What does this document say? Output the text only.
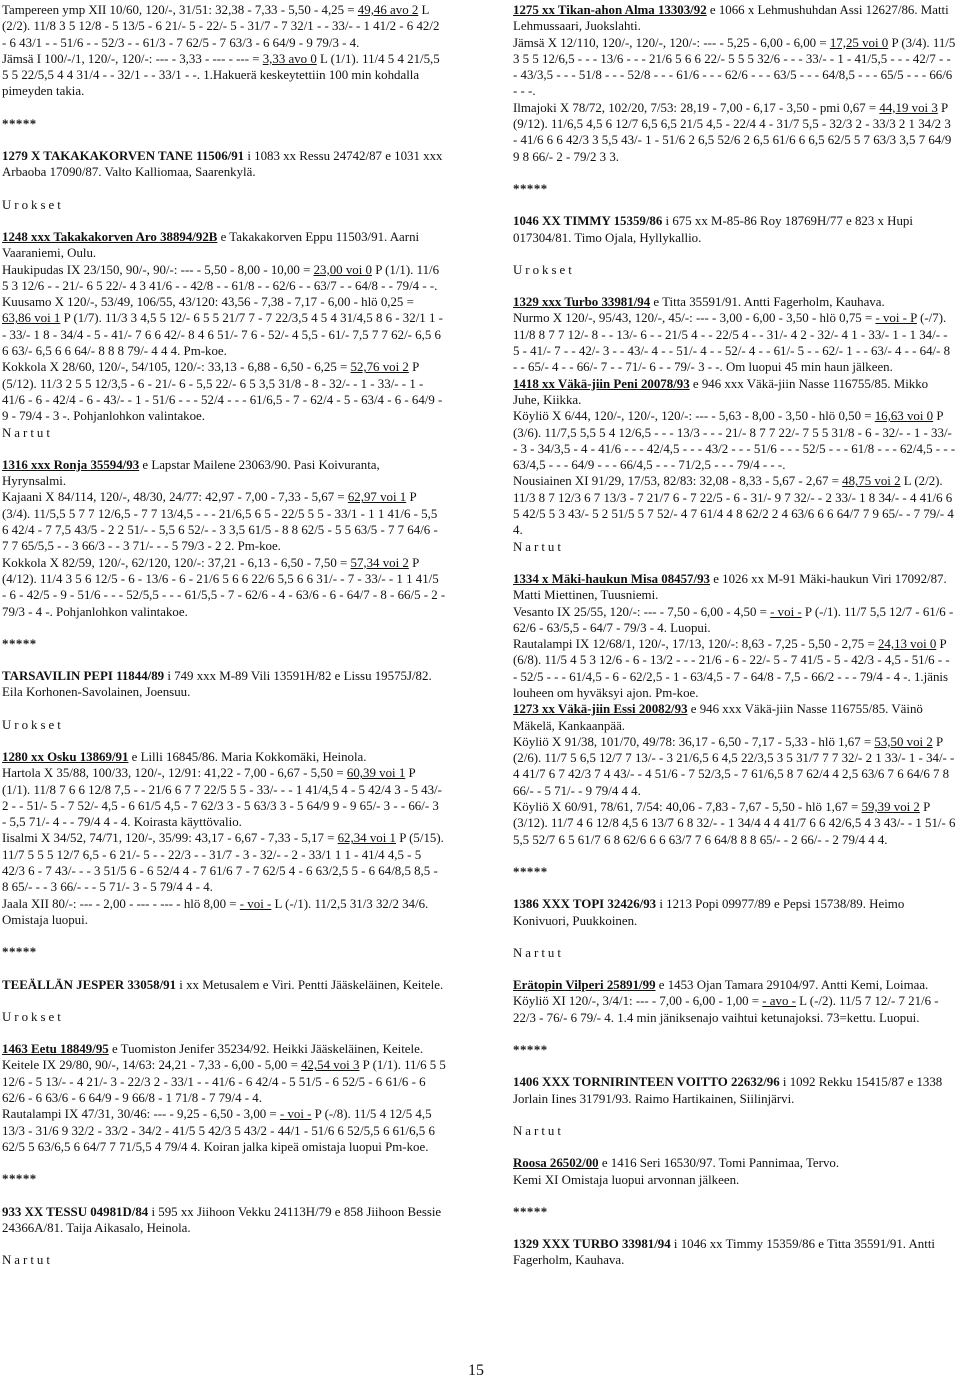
Tampereen ymp XII 10/60, 120/-, 31/51: 32,38 - 7,33 - 5,50 - 4,25 = 49,46 avo 2 L (2/2). 11/8 3 5 12/8 - 5 13/5 - 6 21/- 5 - 22/- 5 - 31/7 - 7 32/1 - - 33/- - 1 41/2 - 6 42/2 - 6 43/1 - - 51/6 - - 52/3 - - 61/3 - 7 62/5 - 7 63/3 - 6 64/9 - 9 79/3 - 4.

Jämsä I 100/-/1, 120/-, 120/-: --- - 3,33 - --- - --- = 3,33 avo 0 L (1/1). 11/4 5 4 21/5,5 5 5 22/5,5 4 4 31/4 - - 32/1 - - 33/1 - -. 1.Hakuerä keskeytettiin 100 min kohdalla pimeyden takia.

*****

1279 X TAKAKAKORVEN TANE 11506/91 i 1083 xx Ressu 24742/87 e 1031 xxx Arbaoba 17090/87. Valto Kalliomaa, Saarenkylä.

Urokset

1248 xxx Takakakorven Aro 38894/92B e Takakakorven Eppu 11503/91. Aarni Vaaraniemi, Oulu.

Haukipudas IX 23/150, 90/-, 90/-: --- - 5,50 - 8,00 - 10,00 = 23,00 voi 0 P (1/1). 11/6 5 3 12/6 - - 21/- 6 5 22/- 4 3 41/6 - - 42/8 - - 61/8 - - 62/6 - - 63/7 - - 64/8 - - 79/4 - -.

Kuusamo X 120/-, 53/49, 106/55, 43/120: 43,56 - 7,38 - 7,17 - 6,00 - hlö 0,25 = 63,86 voi 1 P (1/7). 11/3 3 4,5 5 12/- 6 5 5 21/7 7 - 7 22/3,5 4 5 4 31/4,5 8 6 - 32/1 1 - - 33/- 1 8 - 34/4 - 5 - 41/- 7 6 6 42/- 8 4 6 51/- 7 6 - 52/- 4 5,5 - 61/- 7,5 7 7 62/- 6,5 6 6 63/- 6,5 6 6 64/- 8 8 8 79/- 4 4 4. Pm-koe.

Kokkola X 28/60, 120/-, 54/105, 120/-: 33,13 - 6,88 - 6,50 - 6,25 = 52,76 voi 2 P (5/12). 11/3 2 5 5 12/3,5 - 6 - 21/- 6 - 5,5 22/- 6 5 3,5 31/8 - 8 - 32/- - 1 - 33/- - 1 - 41/6 - 6 - 42/4 - 6 - 43/- - 1 - 51/6 - - - 52/4 - - - 61/6,5 - 7 - 62/4 - 5 - 63/4 - 6 - 64/9 - 9 - 79/4 - 3 -. Pohjanlohkon valintakoe.

Nartut

1316 xxx Ronja 35594/93 e Lapstar Mailene 23063/90. Pasi Koivuranta, Hyrynsalmi.

Kajaani X 84/114, 120/-, 48/30, 24/77: 42,97 - 7,00 - 7,33 - 5,67 = 62,97 voi 1 P (3/4). 11/5,5 5 7 7 12/6,5 - 7 7 13/4,5 - - - 21/6,5 6 5 - 22/5 5 5 - 33/1 - 1 1 41/6 - 5,5 6 42/4 - 7 7,5 43/5 - 2 2 51/- - 5,5 6 52/- - 3 3,5 61/5 - 8 8 62/5 - 5 5 63/5 - 7 7 64/6 - 7 7 65/5,5 - - 3 66/3 - - 3 71/- - - 5 79/3 - 2 2. Pm-koe.

Kokkola X 82/59, 120/-, 62/120, 120/-: 37,21 - 6,13 - 6,50 - 7,50 = 57,34 voi 2 P (4/12). 11/4 3 5 6 12/5 - 6 - 13/6 - 6 - 21/6 5 6 6 22/6 5,5 6 6 31/- - 7 - 33/- - 1 1 41/5 - 6 - 42/5 - 9 - 51/6 - - - 52/5,5 - - - 61/5,5 - 7 - 62/6 - 4 - 63/6 - 6 - 64/7 - 8 - 66/5 - 2 - 79/3 - 4 -. Pohjanlohkon valintakoe.

*****

TARSAVILIN PEPI 11844/89 i 749 xxx M-89 Vili 13591H/82 e Lissu 19575J/82. Eila Korhonen-Savolainen, Joensuu.

Urokset

1280 xx Osku 13869/91 e Lilli 16845/86. Maria Kokkomäki, Heinola.

Hartola X 35/88, 100/33, 120/-, 12/91: 41,22 - 7,00 - 6,67 - 5,50 = 60,39 voi 1 P (1/1). 11/8 7 6 6 12/8 7,5 - - 21/6 6 7 7 22/5 5 5 - 33/- - - 1 41/4,5 4 - 5 42/4 3 - 5 43/- 2 - - 51/- 5 - 7 52/- 4,5 - 6 61/5 4,5 - 7 62/3 3 - 5 63/3 3 - 5 64/9 9 - 9 65/- 3 - - 66/- 3 - 5,5 71/- 4 - - 79/4 4 - 4. Koirasta käyttövalio.

Iisalmi X 34/52, 74/71, 120/-, 35/99: 43,17 - 6,67 - 7,33 - 5,17 = 62,34 voi 1 P (5/15). 11/7 5 5 5 12/7 6,5 - 6 21/- 5 - - 22/3 - - 31/7 - 3 - 32/- - 2 - 33/1 1 1 - 41/4 4,5 - 5 42/3 6 - 7 43/- - - 3 51/5 6 - 6 52/4 4 - 7 61/6 7 - 7 62/5 4 - 6 63/2,5 5 - 6 64/8,5 8,5 - 8 65/- - - 3 66/- - - 5 71/- 3 - 5 79/4 4 - 4.

Jaala XII 80/-: --- - 2,00 - --- - --- - hlö 8,00 = - voi - L (-/1). 11/2,5 31/3 32/2 34/6. Omistaja luopui.

*****

TEEÄLLÄN JESPER 33058/91 i xx Metusalem e Viri. Pentti Jääskeläinen, Keitele.

Urokset

1463 Eetu 18849/95 e Tuomiston Jenifer 35234/92. Heikki Jääskeläinen, Keitele.

Keitele IX 29/80, 90/-, 14/63: 24,21 - 7,33 - 6,00 - 5,00 = 42,54 voi 3 P (1/1). 11/6 5 5 12/6 - 5 13/- - 4 21/- 3 - 22/3 2 - 33/1 - - 41/6 - 6 42/4 - 5 51/5 - 6 52/5 - 6 61/6 - 6 62/6 - 6 63/6 - 6 64/9 - 9 66/8 - 1 71/8 - 7 79/4 - 4.

Rautalampi IX 47/31, 30/46: --- - 9,25 - 6,50 - 3,00 = - voi - P (-/8). 11/5 4 12/5 4,5 13/3 - 31/6 9 32/2 - 33/2 - 34/2 - 41/5 5 42/3 5 43/2 - 44/1 - 51/6 6 52/5,5 6 61/6,5 6 62/5 5 63/6,5 6 64/7 7 71/5,5 4 79/4 4. Koiran jalka kipeä omistaja luopui Pm-koe.

*****

933 XX TESSU 04981D/84 i 595 xx Jiihoon Vekku 24113H/79 e 858 Jiihoon Bessie 24366A/81. Taija Aikasalo, Heinola.

Nartut

1275 xx Tikan-ahon Alma 13303/92 e 1066 x Lehmushuhdan Assi 12627/86. Matti Lehmussaari, Juokslahti.

Jämsä X 12/110, 120/-, 120/-, 120/-: --- - 5,25 - 6,00 - 6,00 = 17,25 voi 0 P (3/4). 11/5 3 5 5 12/6,5 - - - 13/6 - - - 21/6 5 6 6 22/- 5 5 5 32/6 - - - 33/- - 1 - 41/5,5 - - - 42/7 - - - 43/3,5 - - - 51/8 - - - 52/8 - - - 61/6 - - - 62/6 - - - 63/5 - - - 64/8,5 - - - 65/5 - - - 66/6 - - -.

Ilmajoki X 78/72, 102/20, 7/53: 28,19 - 7,00 - 6,17 - 3,50 - pmi 0,67 = 44,19 voi 3 P (9/12). 11/6,5 4,5 6 12/7 6,5 6,5 21/5 4,5 - 22/4 4 - 31/7 5,5 - 32/3 2 - 33/3 2 1 34/2 3 - 41/6 6 6 42/3 3 5,5 43/- 1 - 51/6 2 6,5 52/6 2 6,5 61/6 6 6,5 62/5 5 7 63/3 3,5 7 64/9 9 8 66/- 2 - 79/2 3 3.

*****

1046 XX TIMMY 15359/86 i 675 xx M-85-86 Roy 18769H/77 e 823 x Hupi 017304/81. Timo Ojala, Hyllykallio.

Urokset

1329 xxx Turbo 33981/94 e Titta 35591/91. Antti Fagerholm, Kauhava.

Nurmo X 120/-, 95/43, 120/-, 45/-: --- - 3,00 - 6,00 - 3,50 - hlö 0,75 = - voi - P (-/7). 11/8 8 7 7 12/- 8 - - 13/- 6 - - 21/5 4 - - 22/5 4 - - 31/- 4 2 - 32/- 4 1 - 33/- 1 - 1 34/- - 5 - 41/- 7 - - 42/- 3 - - 43/- 4 - - 51/- 4 - - 52/- 4 - - 61/- 5 - - 62/- 1 - - 63/- 4 - - 64/- 8 - - 65/- 4 - - 66/- 7 - - 71/- 6 - - 79/- 3 - -. Om luopui 45 min haun jälkeen.

1418 xx Väkä-jiin Peni 20078/93 e 946 xxx Väkä-jiin Nasse 116755/85. Mikko Juhe, Kiikka.

Köyliö X 6/44, 120/-, 120/-, 120/-: --- - 5,63 - 8,00 - 3,50 - hlö 0,50 = 16,63 voi 0 P (3/6). 11/7,5 5,5 5 4 12/6,5 - - - 13/3 - - - 21/- 8 7 7 22/- 7 5 5 31/8 - 6 - 32/- - 1 - 33/- - 3 - 34/3,5 - 4 - 41/6 - - - 42/4,5 - - - 43/2 - - - 51/6 - - - 52/5 - - - 61/8 - - - 62/4,5 - - - 63/4,5 - - - 64/9 - - - 66/4,5 - - - 71/2,5 - - - 79/4 - - -.

Nousiainen XI 91/29, 17/53, 82/83: 32,08 - 8,33 - 5,67 - 2,67 = 48,75 voi 2 L (2/2). 11/3 8 7 12/3 6 7 13/3 - 7 21/7 6 - 7 22/5 - 6 - 31/- 9 7 32/- - 2 33/- 1 8 34/- - 4 41/6 6 5 42/5 5 3 43/- 5 2 51/5 5 7 52/- 4 7 61/4 4 8 62/2 2 4 63/6 6 6 64/7 7 9 65/- - 7 79/- 4 4.

Nartut

1334 x Mäki-haukun Misa 08457/93 e 1026 xx M-91 Mäki-haukun Viri 17092/87. Matti Miettinen, Tuusniemi.

Vesanto IX 25/55, 120/-: --- - 7,50 - 6,00 - 4,50 = - voi - P (-/1). 11/7 5,5 12/7 - 61/6 - 62/6 - 63/5,5 - 64/7 - 79/3 - 4. Luopui.

Rautalampi IX 12/68/1, 120/-, 17/13, 120/-: 8,63 - 7,25 - 5,50 - 2,75 = 24,13 voi 0 P (6/8). 11/5 4 5 3 12/6 - 6 - 13/2 - - - 21/6 - 6 - 22/- 5 - 7 41/5 - 5 - 42/3 - 4,5 - 51/6 - - - 52/5 - - - 61/4,5 - 6 - 62/2,5 - 1 - 63/4,5 - 7 - 64/8 - 7,5 - 66/2 - - - 79/4 - 4 -. 1.jänis louheen om hyväksyi ajon. Pm-koe.

1273 xx Väkä-jiin Essi 20082/93 e 946 xxx Väkä-jiin Nasse 116755/85. Väinö Mäkelä, Kankaanpää.

Köyliö X 91/38, 101/70, 49/78: 36,17 - 6,50 - 7,17 - 5,33 - hlö 1,67 = 53,50 voi 2 P (2/6). 11/7 5 6,5 12/7 7 13/- - 3 21/6,5 6 4,5 22/3,5 3 5 31/7 7 7 32/- 2 1 33/- 1 - 34/- - 4 41/7 6 7 42/3 7 4 43/- - 4 51/6 - 7 52/3,5 - 7 61/6,5 8 7 62/4 4 2,5 63/6 7 6 64/6 7 8 66/- - 5 71/- - 9 79/4 4 4.

Köyliö X 60/91, 78/61, 7/54: 40,06 - 7,83 - 7,67 - 5,50 - hlö 1,67 = 59,39 voi 2 P (3/12). 11/7 4 6 12/8 4,5 6 13/7 6 8 32/- - 1 34/4 4 4 41/7 6 6 42/6,5 4 3 43/- - 1 51/- 6 5,5 52/7 6 5 61/7 6 8 62/6 6 6 63/7 7 6 64/8 8 8 65/- - 2 66/- - 2 79/4 4 4.

*****

1386 XXX TOPI 32426/93 i 1213 Popi 09977/89 e Pepsi 15738/89. Heimo Konivuori, Puukkoinen.

Nartut

Erätopin Vilperi 25891/99 e 1453 Ojan Tamara 29104/97. Antti Kemi, Loimaa.

Köyliö XI 120/-, 3/4/1: --- - 7,00 - 6,00 - 1,00 = - avo - L (-/2). 11/5 7 12/- 7 21/6 - 22/3 - 76/- 6 79/- 4. 1.4 min jäniksenajo vaihtui ketunajoksi. 73=kettu. Luopui.

*****

1406 XXX TORNIRINTEEN VOITTO 22632/96 i 1092 Rekku 15415/87 e 1338 Jorlain Iines 31791/93. Raimo Hartikainen, Siilinjärvi.

Nartut

Roosa 26502/00 e 1416 Seri 16530/97. Tomi Pannimaa, Tervo.

Kemi XI Omistaja luopui arvonnan jälkeen.

*****

1329 XXX TURBO 33981/94 i 1046 xx Timmy 15359/86 e Titta 35591/91. Antti Fagerholm, Kauhava.

15
